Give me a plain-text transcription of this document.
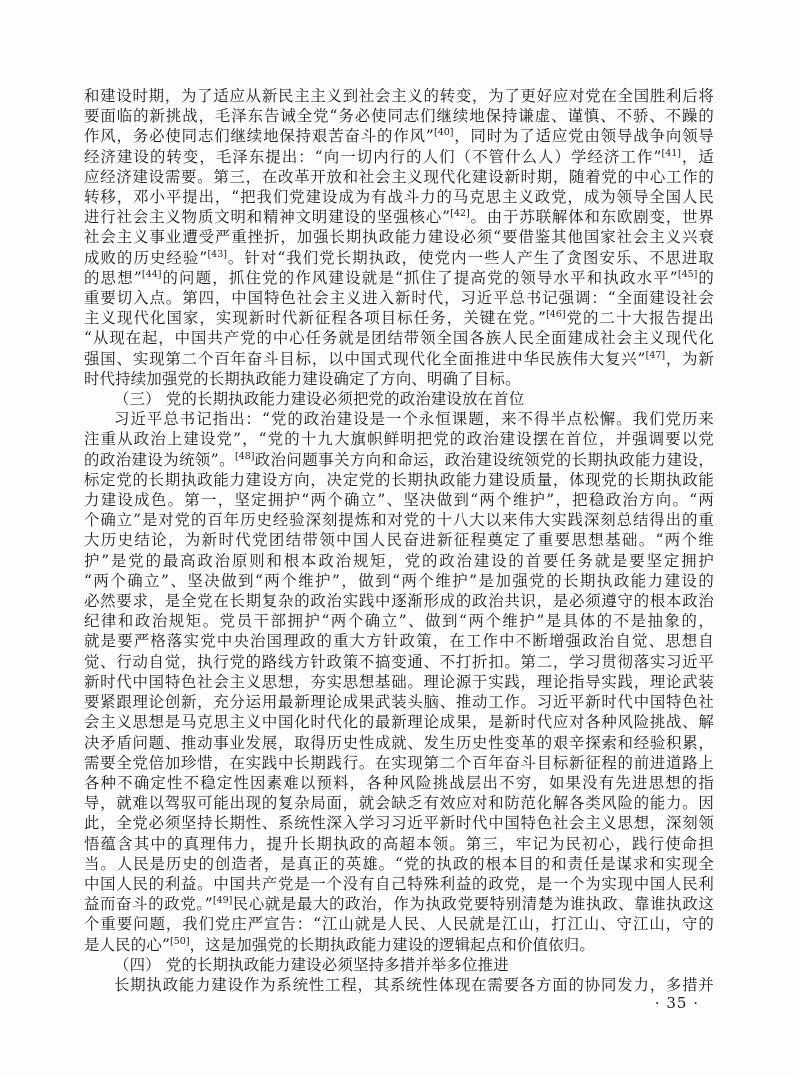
和建设时期，为了适应从新民主主义到社会主义的转变，为了更好应对党在全国胜利后将
要面临的新挑战，毛泽东告诫全党“务必使同志们继续地保持谦虚、谨慎、不骄、不躁的
作风，务必使同志们继续地保持艰苦奋斗的作风”[40]，同时为了适应党由领导战争向领导
经济建设的转变，毛泽东提出：“向一切内行的人们（不管什么人）学经济工作”[41]，适
应经济建设需要。第三，在改革开放和社会主义现代化建设新时期，随着党的中心工作的
转移，邓小平提出，“把我们党建设成为有战斗力的马克思主义政党，成为领导全国人民
进行社会主义物质文明和精神文明建设的坚强核心”[42]。由于苏联解体和东欧剧变，世界
社会主义事业遭受严重挫折，加强长期执政能力建设必须“要借鉴其他国家社会主义兴衰
成败的历史经验”[43]。针对“我们党长期执政，使党内一些人产生了贪图安乐、不思进取
的思想”[44]的问题，抓住党的作风建设就是“抓住了提高党的领导水平和执政水平”[45]的
重要切入点。第四，中国特色社会主义进入新时代，习近平总书记强调：“全面建设社会
主义现代化国家，实现新时代新征程各项目标任务，关键在党。”[46]党的二十大报告提出
“从现在起，中国共产党的中心任务就是团结带领全国各族人民全面建成社会主义现代化
强国、实现第二个百年奋斗目标，以中国式现代化全面推进中华民族伟大复兴”[47]，为新
时代持续加强党的长期执政能力建设确定了方向、明确了目标。
（三） 党的长期执政能力建设必须把党的政治建设放在首位
习近平总书记指出：“党的政治建设是一个永恒课题，来不得半点松懈。我们党历来
注重从政治上建设党”，“党的十九大旗帜鲜明把党的政治建设摆在首位，并强调要以党
的政治建设为统领”。[48]政治问题事关方向和命运，政治建设统领党的长期执政能力建设，
标定党的长期执政能力建设方向，决定党的长期执政能力建设质量，体现党的长期执政能
力建设成色。第一，坚定拥护“两个确立”、坚决做到“两个维护”，把稳政治方向。“两
个确立”是对党的百年历史经验深刻提炼和对党的十八大以来伟大实践深刻总结得出的重
大历史结论，为新时代党团结带领中国人民奋进新征程奠定了重要思想基础。“两个维
护”是党的最高政治原则和根本政治规矩，党的政治建设的首要任务就是要坚定拥护
“两个确立”、坚决做到“两个维护”，做到“两个维护”是加强党的长期执政能力建设的
必然要求，是全党在长期复杂的政治实践中逐渐形成的政治共识，是必须遵守的根本政治
纪律和政治规矩。党员干部拥护“两个确立”、做到“两个维护”是具体的不是抽象的，
就是要严格落实党中央治国理政的重大方针政策，在工作中不断增强政治自觉、思想自
觉、行动自觉，执行党的路线方针政策不搞变通、不打折扣。第二，学习贯彻落实习近平
新时代中国特色社会主义思想，夯实思想基础。理论源于实践，理论指导实践，理论武装
要紧跟理论创新，充分运用最新理论成果武装头脑、推动工作。习近平新时代中国特色社
会主义思想是马克思主义中国化时代化的最新理论成果，是新时代应对各种风险挑战、解
决矛盾问题、推动事业发展，取得历史性成就、发生历史性变革的艰辛探索和经验积累，
需要全党倍加珍惜，在实践中长期践行。在实现第二个百年奋斗目标新征程的前进道路上
各种不确定性不稳定性因素难以预料，各种风险挑战层出不穷，如果没有先进思想的指
导，就难以驾驭可能出现的复杂局面，就会缺乏有效应对和防范化解各类风险的能力。因
此，全党必须坚持长期性、系统性深入学习习近平新时代中国特色社会主义思想，深刻领
悟蕴含其中的真理伟力，提升长期执政的高超本领。第三，牢记为民初心，践行使命担
当。人民是历史的创造者，是真正的英雄。“党的执政的根本目的和责任是谋求和实现全
中国人民的利益。中国共产党是一个没有自己特殊利益的政党，是一个为实现中国人民利
益而奋斗的政党。”[49]民心就是最大的政治，作为执政党要特别清楚为谁执政、靠谁执政这
个重要问题，我们党庄严宣告：“江山就是人民、人民就是江山，打江山、守江山，守的
是人民的心”[50]，这是加强党的长期执政能力建设的逻辑起点和价值依归。
（四） 党的长期执政能力建设必须坚持多措并举多位推进
长期执政能力建设作为系统性工程，其系统性体现在需要各方面的协同发力，多措并
· 35 ·
